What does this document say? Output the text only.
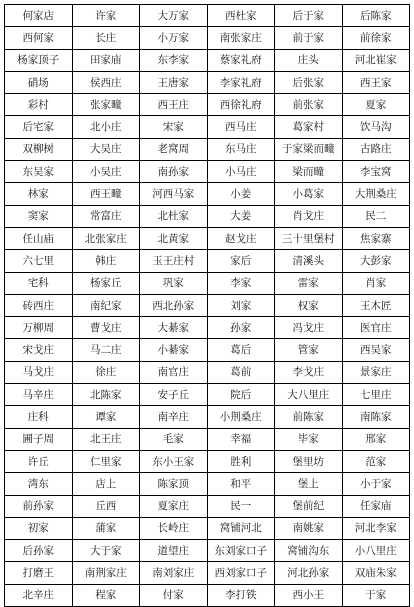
何家店	许家	大万家	西杜家	后于家	后陈家
西何家	长庄	小万家	南张家庄	前于家	前徐家
杨家顶子	田家庙	东李家	蔡家礼府	庄头	河北崔家
硝场	侯西庄	王唐家	李家礼府	后张家	西王家
彩村	张家疃	西王庄	西徐礼府	前张家	夏家
后宅家	北小庄	宋家	西马庄	葛家村	饮马沟
双柳树	大吴庄	老窝周	东马庄	于家梁而疃	古路庄
东吴家	小吴庄	南孙家	小马庄	梁而疃	李宝窝
林家	西王疃	河西马家	小姜	小葛家	大荆桑庄
窦家	常富庄	北杜家	大姜	肖戈庄	民二
任山庙	北张家庄	北黄家	赵戈庄	三十里堡村	焦家寨
六七里	韩庄	玉王庄村	家后	清溪头	大彭家
宅科	杨家丘	巩家	李家	雷家	肖家
砖西庄	南纪家	西北孙家	刘家	权家	王木匠
万柳周	曹戈庄	大綦家	孙家	冯戈庄	医官庄
宋戈庄	马二庄	小綦家	葛后	管家	西吴家
马戈庄	徐庄	南官庄	葛前	李戈庄	景家庄
马辛庄	北陈家	安子丘	院后	大八里庄	七里庄
庄科	谭家	南辛庄	小荆桑庄	前陈家	南陈家
圃子周	北王庄	毛家	幸福	毕家	邢家
许丘	仁里家	东小王家	胜利	堡里坊	范家
湾东	店上	陈家顶	和平	堡上	小于家
前孙家	丘西	夏家庄	民一	堡前纪	任家庙
初家	蒲家	长岭庄	窝铺河北	南姚家	河北李家
后孙家	大于家	道望庄	东刘家口子	窝铺沟东	小八里庄
打磨王	南荆家庄	南刘家庄	西刘家口子	河北孙家	双庙朱家
北辛庄	程家	付家	李打铁	西小王	于家
